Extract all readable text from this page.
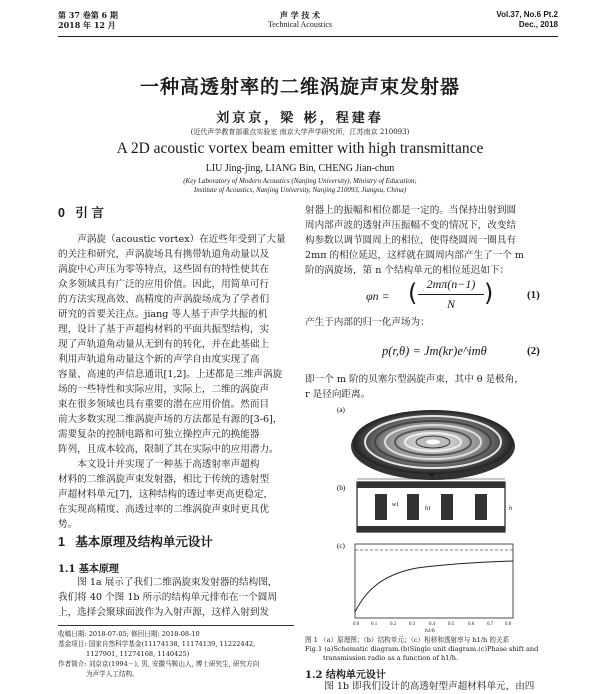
第 37 卷第 6 期
2018 年 12 月
声 学 技 术
Technical Acoustics
Vol.37, No.6 Pt.2
Dec., 2018
一种高透射率的二维涡旋声束发射器
刘京京，梁 彬，程建春
(近代声学教育部重点实验室 南京大学声学研究所，江苏南京 210093)
A 2D acoustic vortex beam emitter with high transmittance
LIU Jing-jing, LIANG Bin, CHENG Jian-chun
(Key Laboratory of Modern Acoustics (Nanjing University), Ministry of Education;
Institute of Acoustics, Nanjing University, Nanjing 210093, Jiangsu, China)
0 引 言
声涡旋（acoustic vortex）在近些年受到了大量
的关注和研究，声涡旋场具有携带轨道角动量以及
涡旋中心声压为零等特点，这些固有的特性使其在
众多领域具有广泛的应用价值。因此，用简单可行
的方法实现高效、高精度的声涡旋场成为了学者们
研究的首要关注点。jiang 等人基于声学共振的机
理，设计了基于声超构材料的平面共振型结构，实
现了声轨道角动量从无到有的转化，并在此基础上
利用声轨道角动量这个新的声学自由度实现了高
容量、高速的声信息通讯[1,2]。上述都是三维声涡旋
场的一些特性和实际应用，实际上，二维的涡旋声
束在很多领域也具有重要的潜在应用价值。然而目
前大多数实现二维涡旋声场的方法都是有源的[3-6]，
需要复杂的控制电路和可独立操控声元的换能器
阵列，且成本较高，限制了其在实际中的应用潜力。
本文设计并实现了一种基于高透射率声超构
材料的二维涡旋声束发射器，相比于传统的透射型
声超材料单元[7]，这种结构的透过率更高更稳定，
在实现高精度、高透过率的二维涡旋声束时更具优
势。
1 基本原理及结构单元设计
1.1 基本原理
图 1a 展示了我们二维涡旋束发射器的结构图，
我们将 40 个图 1b 所示的结构单元排布在一个圆周
上，选择会聚球面波作为入射声源，这样入射到发
收稿日期: 2018-07-05; 修回日期: 2018-08-10
基金项目: 国家自然科学基金(11174138, 11174139, 11222442,
1127901, 11274168, 1140425)
作者简介: 刘京京(1994－), 男, 安徽马鞍山人, 博士研究生, 研究方向
为声学人工结构。
射器上的振幅和相位都是一定的。当保持出射到圆
周内部声波的透射声压振幅不变的情况下，改变结
构参数以调节圆周上的相位，使得绕圆周一圈具有
2mπ 的相位延迟，这样就在圆周内部产生了一个 m
阶的涡旋场，第 n 个结构单元的相位延迟如下：
φn = ( 2mπ(n−1)
N	)	(1)
产生于内部的归一化声场为：
p(r,θ) = Jm(kr)e^imθ	(2)
即一个 m 阶的贝塞尔型涡旋声束，其中 θ 是极角，
r 是径向距离。
(a)
(b)
W
w1
h1	h
(c)
0.0 0.1	0.2	0.3	0.4	0.5	0.6	0.7 0.8
h1/h
图 1 （a）原理图；（b）结构单元；（c）相移和透射率与 h1/h 的关系
Fig.1 (a)Schematic diagram.(b)Single unit diagram.(c)Phase shift and
transmission radio as a function of h1/h.
1.2 结构单元设计
图 1b 即我们设计的高透射型声超材料单元，由四
